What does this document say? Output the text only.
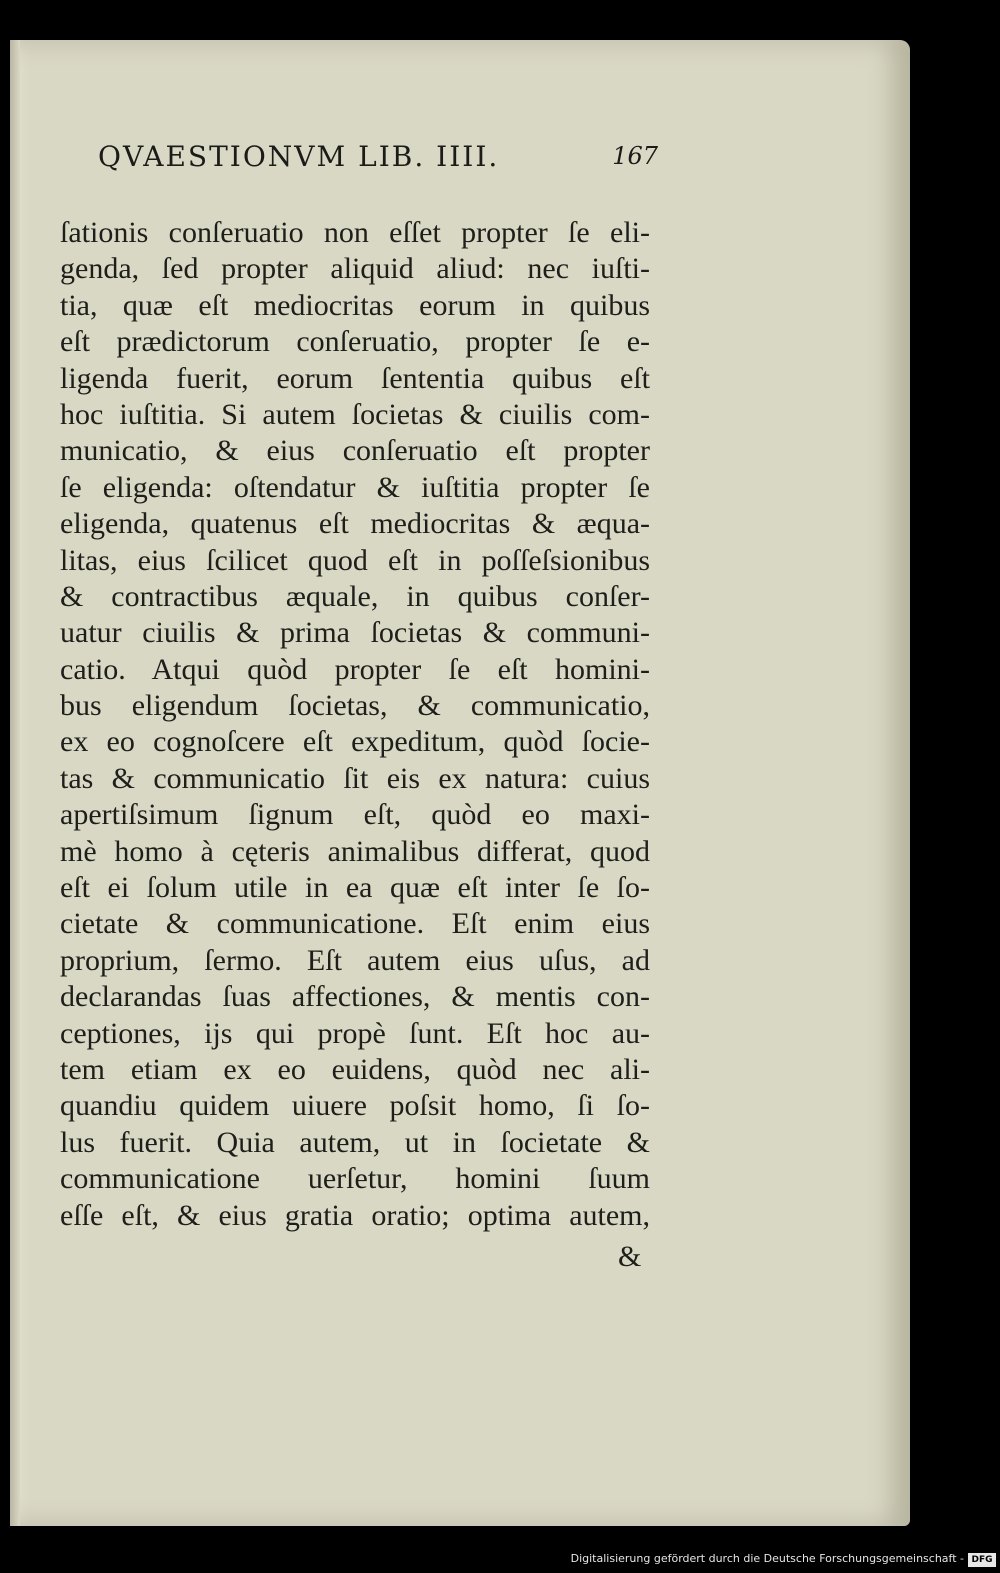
QVAESTIONVM LIB. IIII.	167
ſationis conſeruatio non eſſet propter ſe eli-
genda, ſed propter aliquid aliud: nec iuſti-
tia, quæ eſt mediocritas eorum in quibus
eſt prædictorum conſeruatio, propter ſe e-
ligenda fuerit, eorum ſententia quibus eſt
hoc iuſtitia. Si autem ſocietas & ciuilis com-
municatio, & eius conſeruatio eſt propter
ſe eligenda: oſtendatur & iuſtitia propter ſe
eligenda, quatenus eſt mediocritas & æqua-
litas, eius ſcilicet quod eſt in poſſeſsionibus
& contractibus æquale, in quibus conſer-
uatur ciuilis & prima ſocietas & communi-
catio. Atqui quòd propter ſe eſt homini-
bus eligendum ſocietas, & communicatio,
ex eo cognoſcere eſt expeditum, quòd ſocie-
tas & communicatio ſit eis ex natura: cuius
apertiſsimum ſignum eſt, quòd eo maxi-
mè homo à cęteris animalibus differat, quod
eſt ei ſolum utile in ea quæ eſt inter ſe ſo-
cietate & communicatione. Eſt enim eius
proprium, ſermo. Eſt autem eius uſus, ad
declarandas ſuas affectiones, & mentis con-
ceptiones, ijs qui propè ſunt. Eſt hoc au-
tem etiam ex eo euidens, quòd nec ali-
quandiu quidem uiuere poſsit homo, ſi ſo-
lus fuerit. Quia autem, ut in ſocietate &
communicatione uerſetur, homini ſuum
eſſe eſt, & eius gratia oratio; optima autem,
&
Digitalisierung gefördert durch die Deutsche Forschungsgemeinschaft - DFG
